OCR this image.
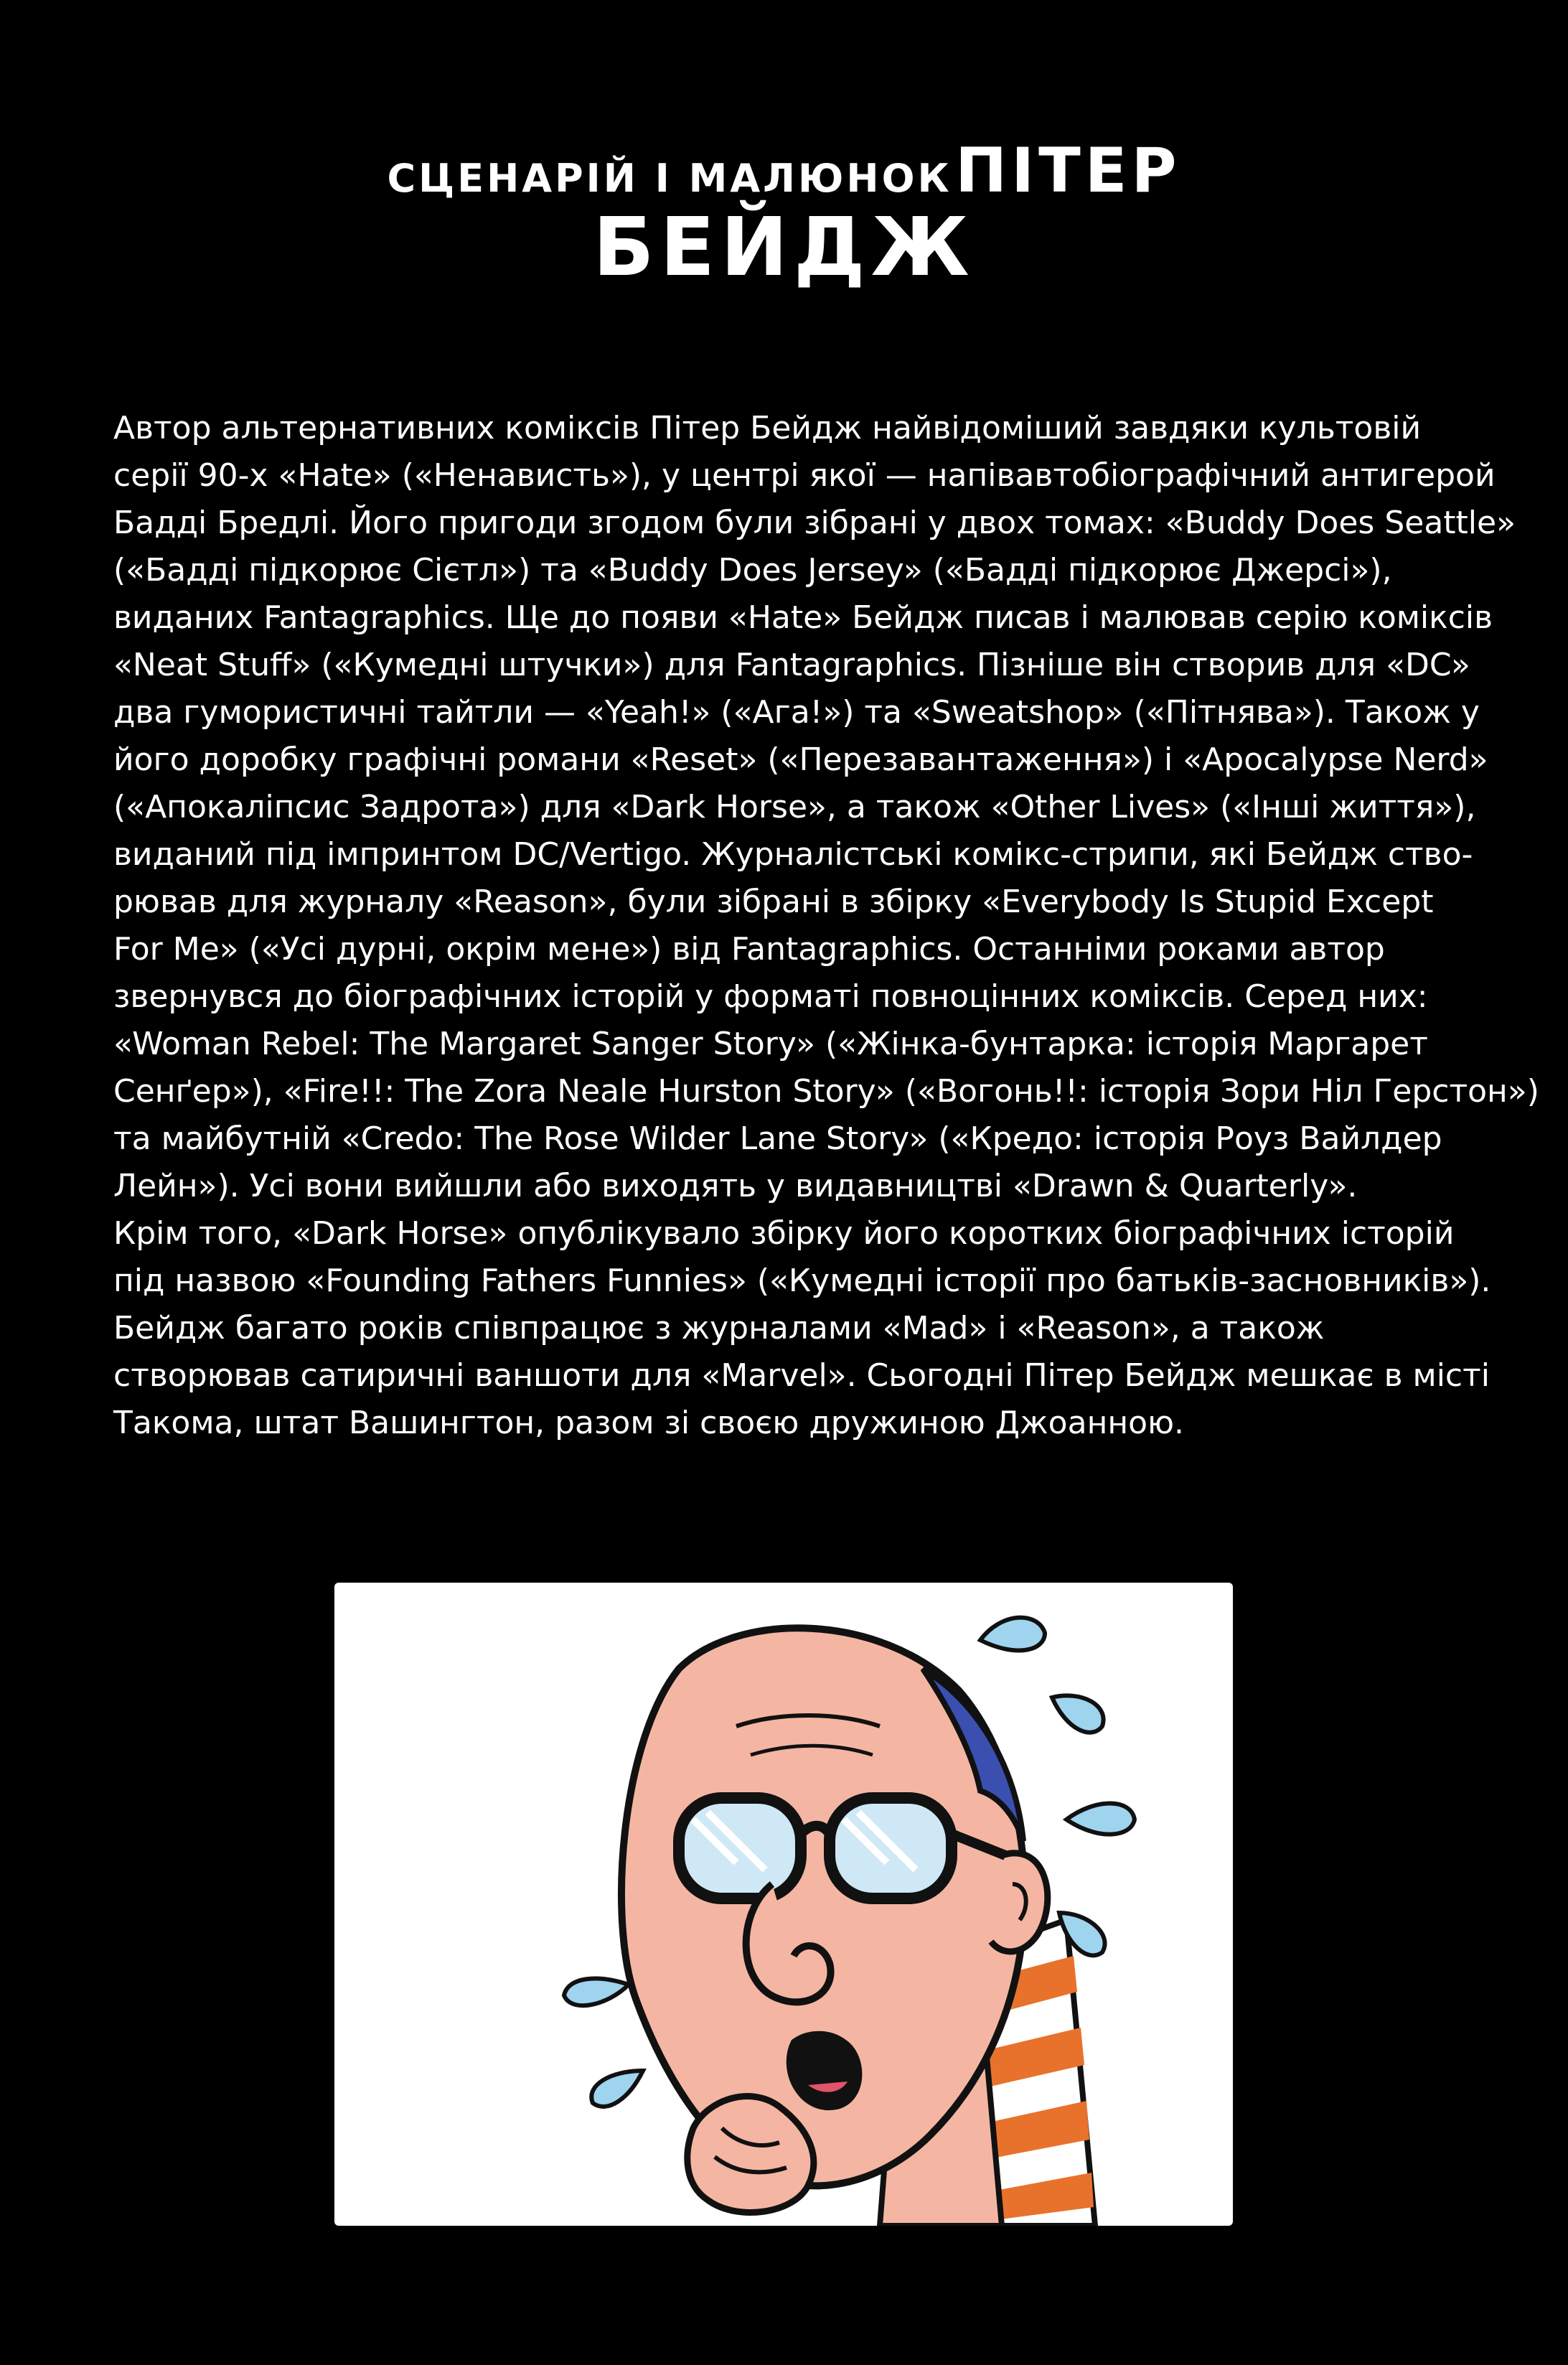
СЦЕНАРІЙ І МАЛЮНОК ПІТЕР
БЕЙДЖ
Автор альтернативних коміксів Пітер Бейдж найвідоміший завдяки культовій
серії 90-х «Hate» («Ненависть»), у центрі якої — напівавтобіографічний антигерой
Бадді Бредлі. Його пригоди згодом були зібрані у двох томах: «Buddy Does Seattle»
(«Бадді підкорює Сієтл») та «Buddy Does Jersey» («Бадді підкорює Джерсі»),
виданих Fantagraphics. Ще до появи «Hate» Бейдж писав і малював серію коміксів
«Neat Stuff» («Кумедні штучки») для Fantagraphics. Пізніше він створив для «DC»
два гумористичні тайтли — «Yeah!» («Ага!») та «Sweatshop» («Пітнява»). Також у
його доробку графічні романи «Reset» («Перезавантаження») і «Apocalypse Nerd»
(«Апокаліпсис Задрота») для «Dark Horse», а також «Other Lives» («Інші життя»),
виданий під імпринтом DC/Vertigo. Журналістські комікс-стрипи, які Бейдж ство-
рював для журналу «Reason», були зібрані в збірку «Everybody Is Stupid Except
For Me» («Усі дурні, окрім мене») від Fantagraphics. Останніми роками автор
звернувся до біографічних історій у форматі повноцінних коміксів. Серед них:
«Woman Rebel: The Margaret Sanger Story» («Жінка-бунтарка: історія Маргарет
Сенґер»), «Fire!!: The Zora Neale Hurston Story» («Вогонь!!: історія Зори Ніл Герстон»)
та майбутній «Credo: The Rose Wilder Lane Story» («Кредо: історія Роуз Вайлдер
Лейн»). Усі вони вийшли або виходять у видавництві «Drawn & Quarterly».
Крім того, «Dark Horse» опублікувало збірку його коротких біографічних історій
під назвою «Founding Fathers Funnies» («Кумедні історії про батьків-засновників»).
Бейдж багато років співпрацює з журналами «Mad» і «Reason», а також
створював сатиричні ваншоти для «Marvel». Сьогодні Пітер Бейдж мешкає в місті
Такома, штат Вашингтон, разом зі своєю дружиною Джоанною.
